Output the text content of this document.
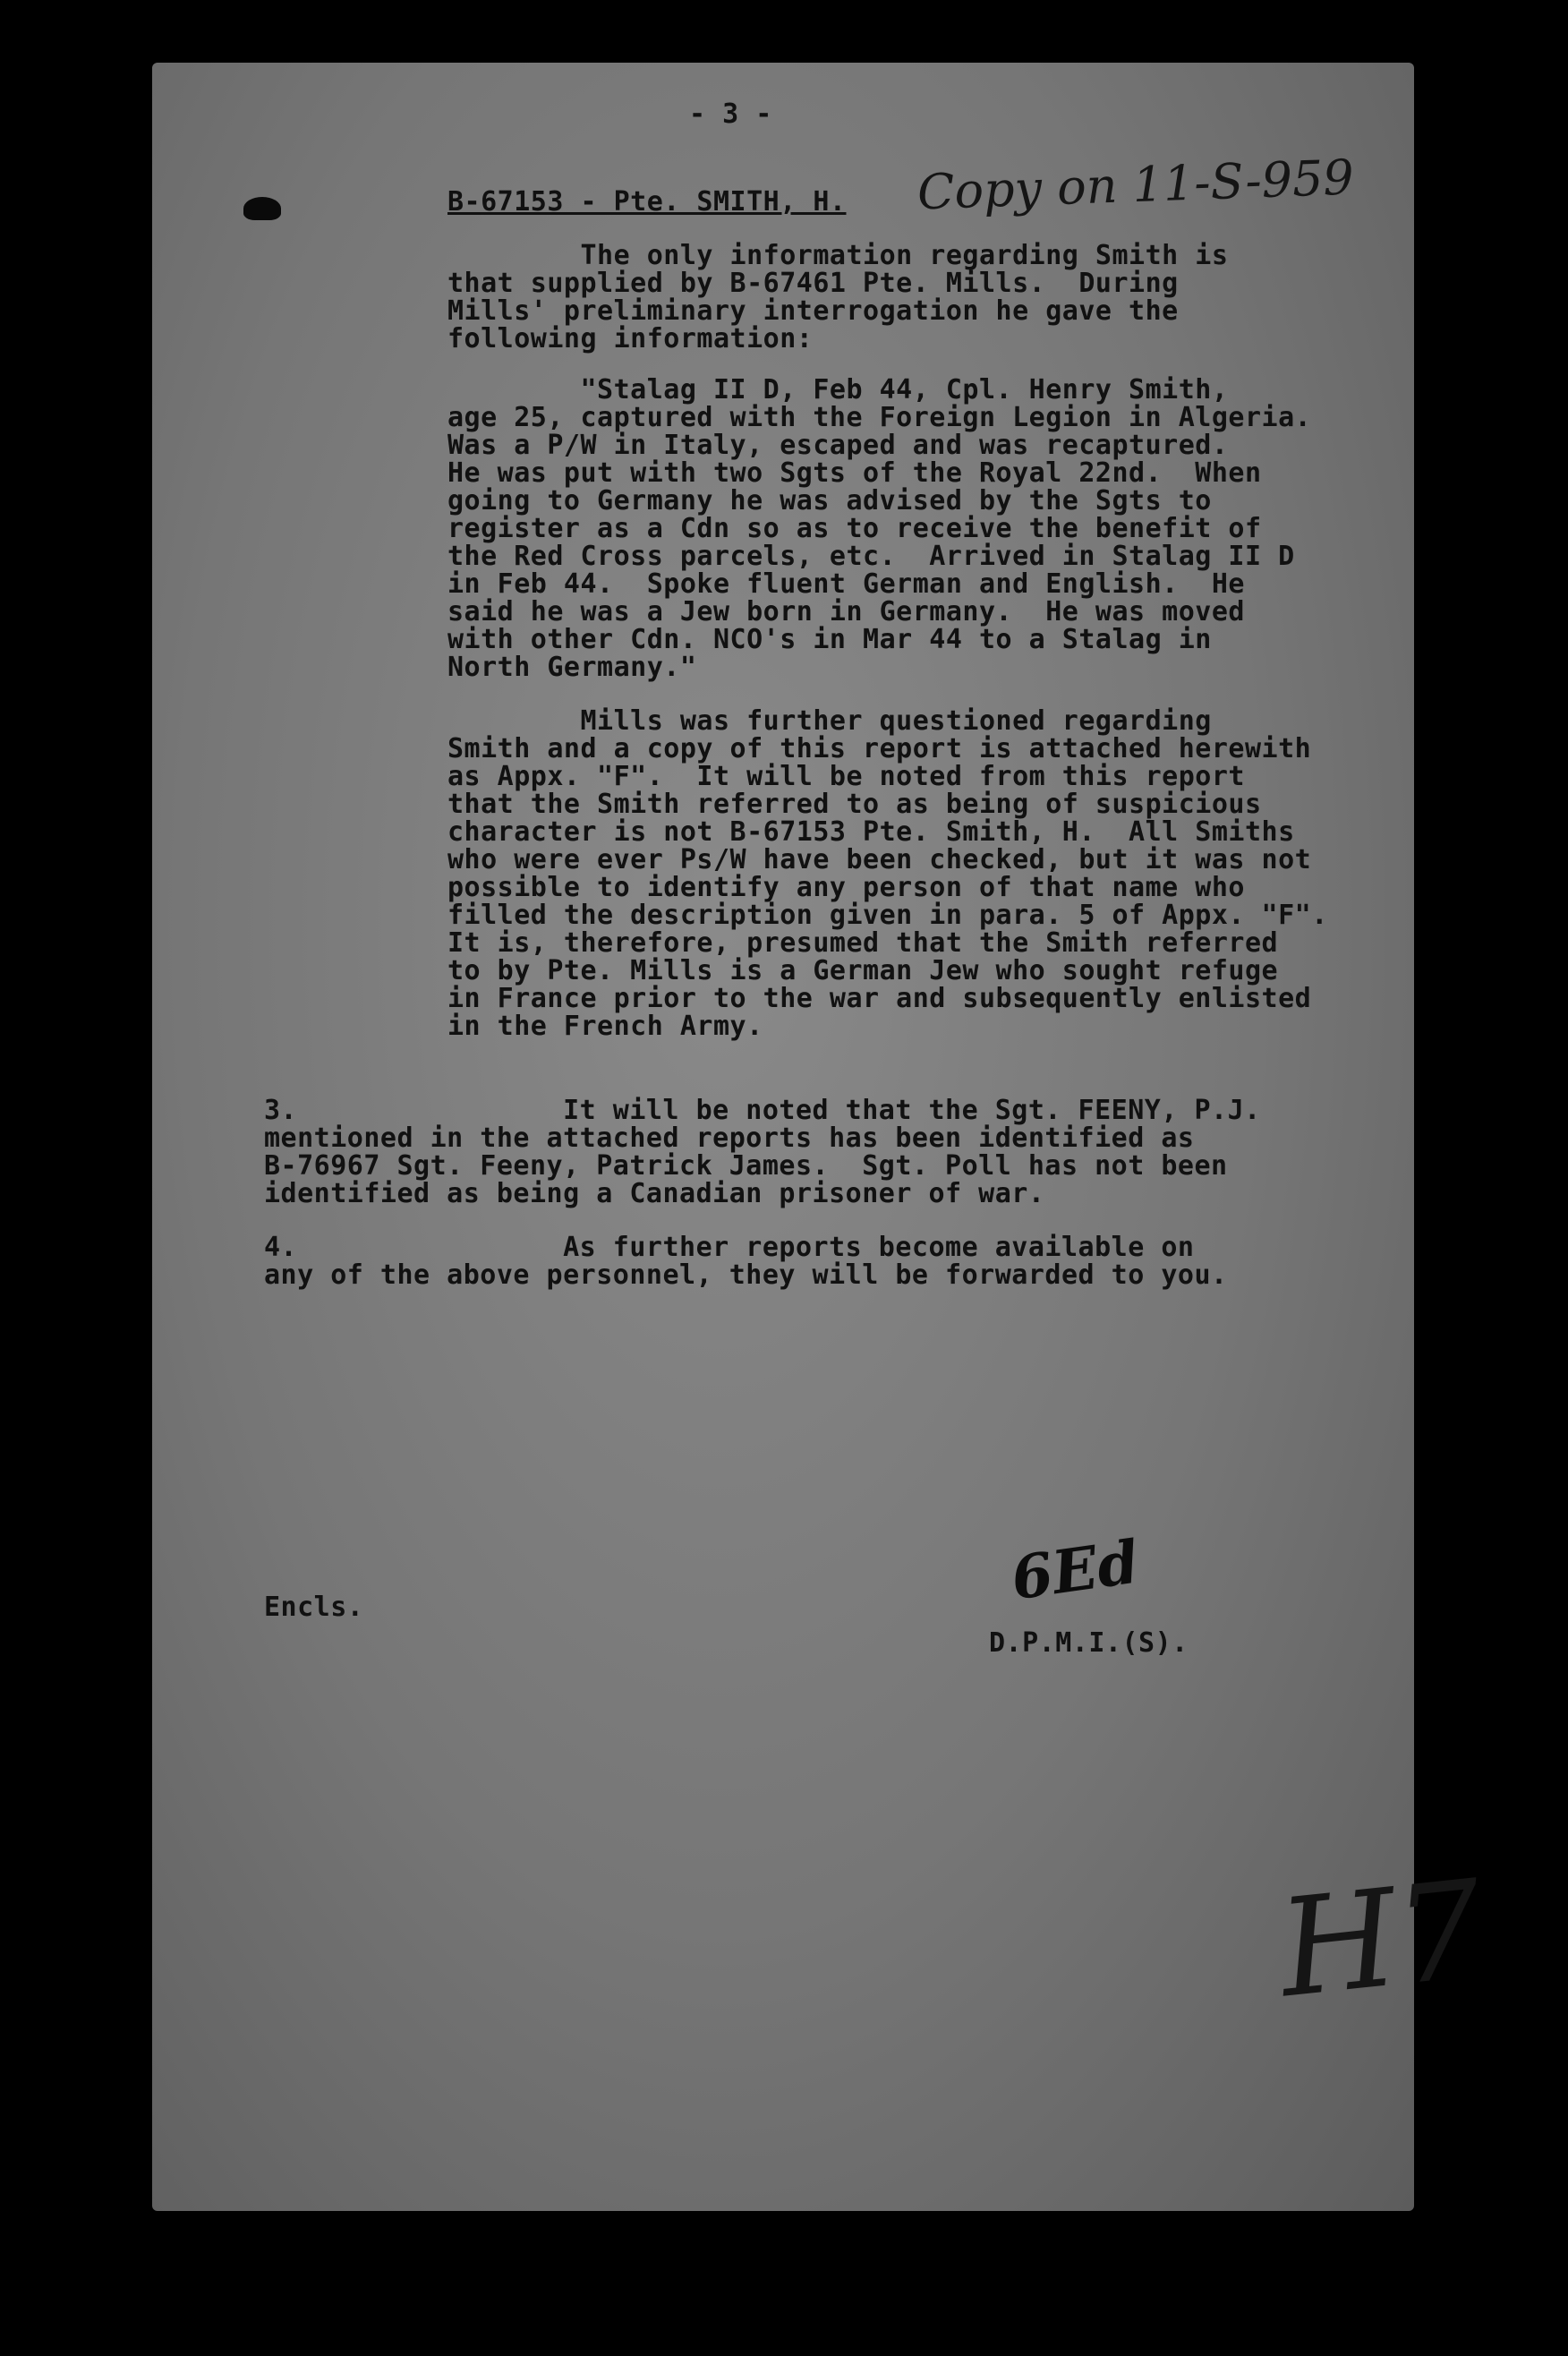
- 3 -
Copy on 11-S-959
B-67153 - Pte. SMITH, H.
The only information regarding Smith is
that supplied by B-67461 Pte. Mills.  During
Mills' preliminary interrogation he gave the
following information:
"Stalag II D, Feb 44, Cpl. Henry Smith,
age 25, captured with the Foreign Legion in Algeria.
Was a P/W in Italy, escaped and was recaptured.
He was put with two Sgts of the Royal 22nd.  When
going to Germany he was advised by the Sgts to
register as a Cdn so as to receive the benefit of
the Red Cross parcels, etc.  Arrived in Stalag II D
in Feb 44.  Spoke fluent German and English.  He
said he was a Jew born in Germany.  He was moved
with other Cdn. NCO's in Mar 44 to a Stalag in
North Germany."
Mills was further questioned regarding
Smith and a copy of this report is attached herewith
as Appx. "F".  It will be noted from this report
that the Smith referred to as being of suspicious
character is not B-67153 Pte. Smith, H.  All Smiths
who were ever Ps/W have been checked, but it was not
possible to identify any person of that name who
filled the description given in para. 5 of Appx. "F".
It is, therefore, presumed that the Smith referred
to by Pte. Mills is a German Jew who sought refuge
in France prior to the war and subsequently enlisted
in the French Army.
3.                It will be noted that the Sgt. FEENY, P.J.
mentioned in the attached reports has been identified as
B-76967 Sgt. Feeny, Patrick James.  Sgt. Poll has not been
identified as being a Canadian prisoner of war.
4.                As further reports become available on
any of the above personnel, they will be forwarded to you.
Encls.	6Ed
D.P.M.I.(S).
H7
